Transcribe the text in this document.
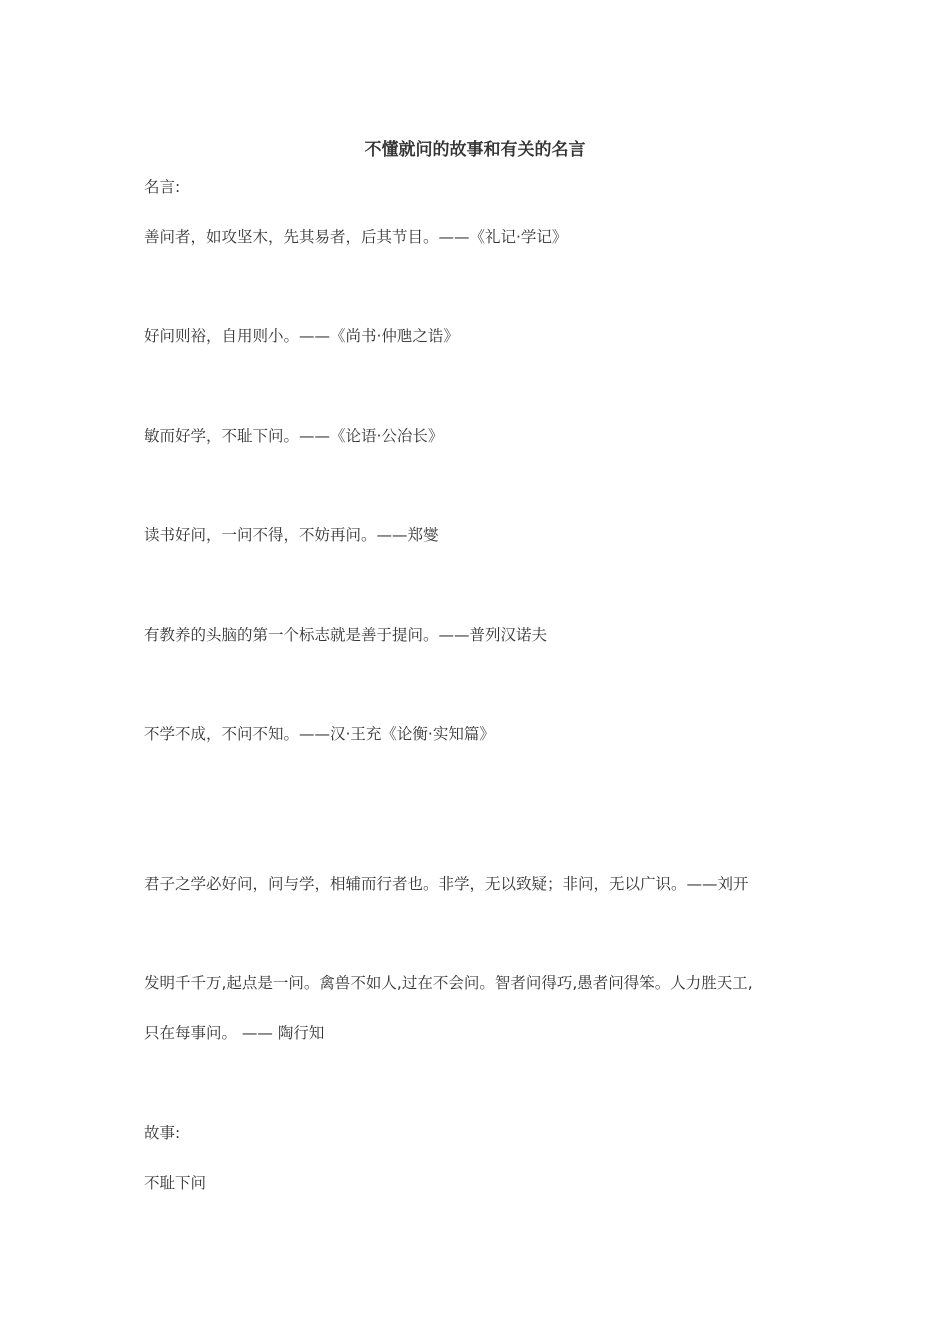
不懂就问的故事和有关的名言
名言:
善问者，如攻坚木，先其易者，后其节目。——《礼记·学记》
好问则裕，自用则小。——《尚书·仲虺之诰》
敏而好学，不耻下问。——《论语·公冶长》
读书好问，一问不得，不妨再问。——郑燮
有教养的头脑的第一个标志就是善于提问。——普列汉诺夫
不学不成，不问不知。——汉·王充《论衡·实知篇》
君子之学必好问，问与学，相辅而行者也。非学，无以致疑；非问，无以广识。——刘开
发明千千万,起点是一问。禽兽不如人,过在不会问。智者问得巧,愚者问得笨。人力胜天工,
只在每事问。 —— 陶行知
故事:
不耻下问
